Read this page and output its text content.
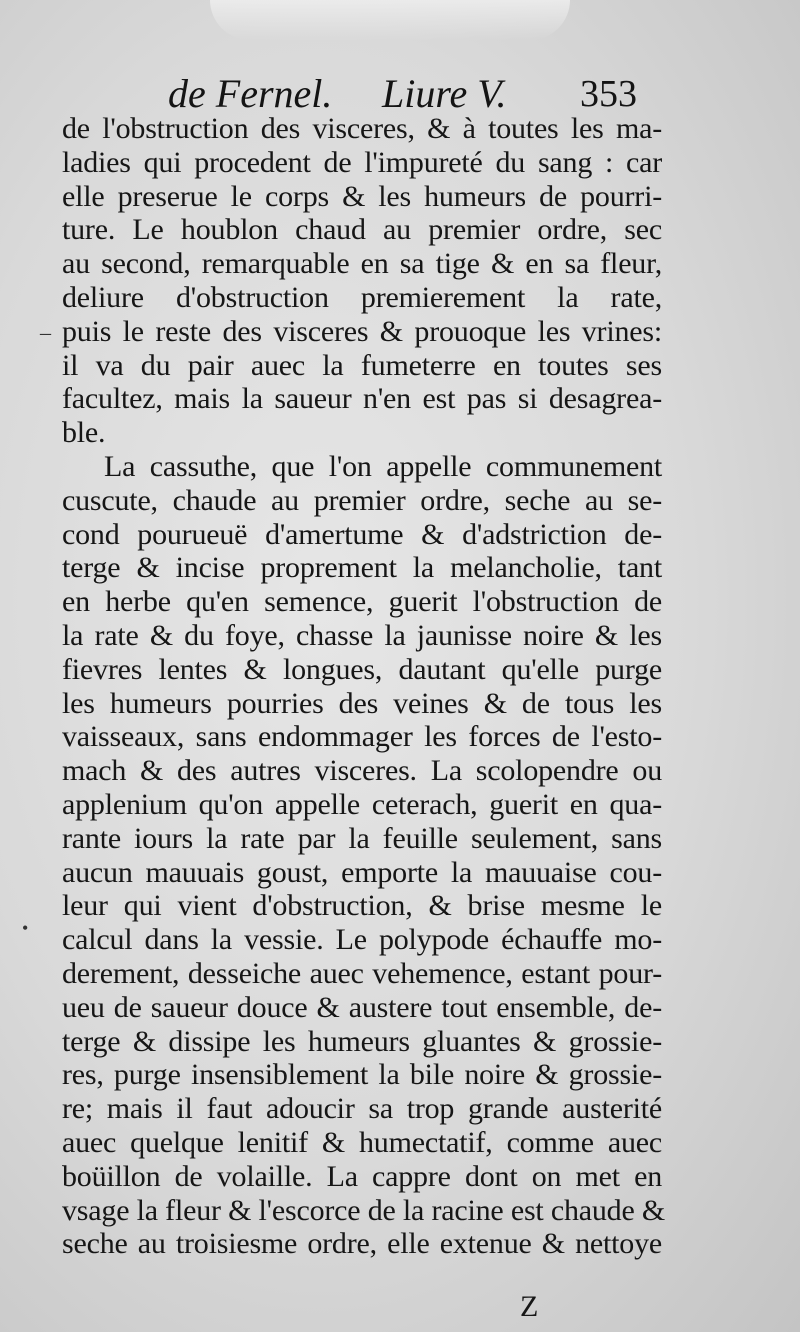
de Fernel. Liure V. 353
de l'obstruction des visceres, & à toutes les ma-
ladies qui procedent de l'impureté du sang : car
elle preserue le corps & les humeurs de pourri-
ture. Le houblon chaud au premier ordre, sec
au second, remarquable en sa tige & en sa fleur,
deliure d'obstruction premierement la rate,
puis le reste des visceres & prouoque les vrines:
il va du pair auec la fumeterre en toutes ses
facultez, mais la saueur n'en est pas si desagrea-
ble.
La cassuthe, que l'on appelle communement
cuscute, chaude au premier ordre, seche au se-
cond pourueuë d'amertume & d'adstriction de-
terge & incise proprement la melancholie, tant
en herbe qu'en semence, guerit l'obstruction de
la rate & du foye, chasse la jaunisse noire & les
fievres lentes & longues, dautant qu'elle purge
les humeurs pourries des veines & de tous les
vaisseaux, sans endommager les forces de l'esto-
mach & des autres visceres. La scolopendre ou
applenium qu'on appelle ceterach, guerit en qua-
rante iours la rate par la feuille seulement, sans
aucun mauuais goust, emporte la mauuaise cou-
leur qui vient d'obstruction, & brise mesme le
calcul dans la vessie. Le polypode échauffe mo-
derement, desseiche auec vehemence, estant pour-
ueu de saueur douce & austere tout ensemble, de-
terge & dissipe les humeurs gluantes & grossie-
res, purge insensiblement la bile noire & grossie-
re; mais il faut adoucir sa trop grande austerité
auec quelque lenitif & humectatif, comme auec
boüillon de volaille. La cappre dont on met en
vsage la fleur & l'escorce de la racine est chaude &
seche au troisiesme ordre, elle extenue & nettoye
_
•
Z
